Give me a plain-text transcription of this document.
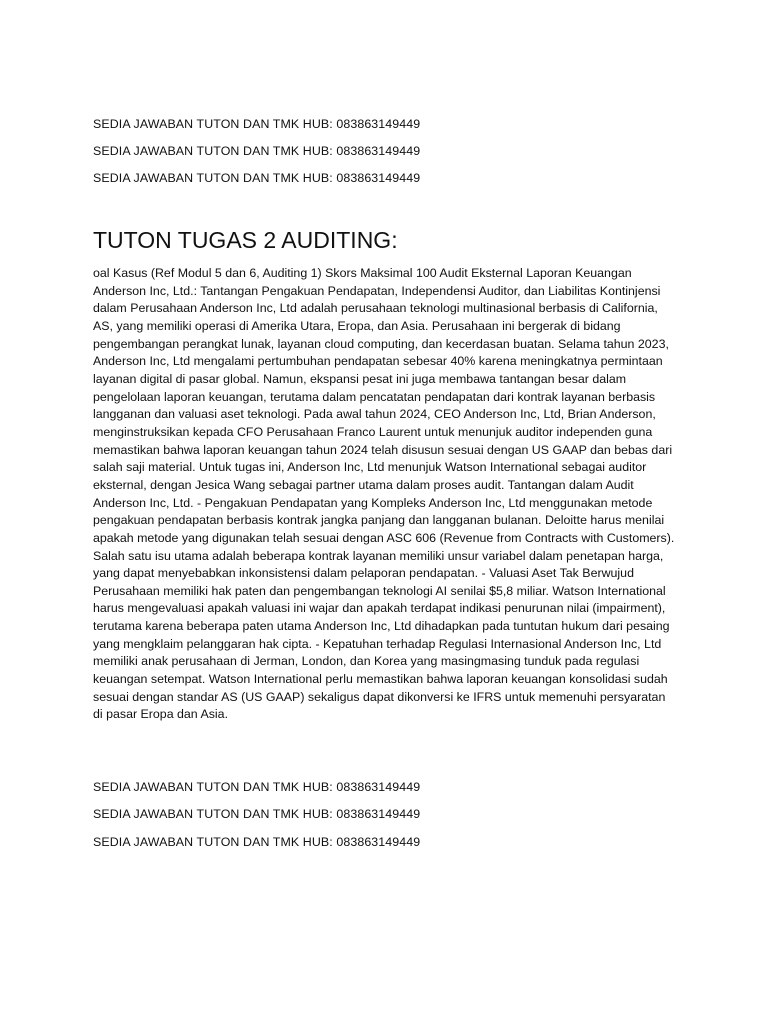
SEDIA JAWABAN TUTON DAN TMK HUB: 083863149449
SEDIA JAWABAN TUTON DAN TMK HUB: 083863149449
SEDIA JAWABAN TUTON DAN TMK HUB: 083863149449
TUTON TUGAS 2 AUDITING:

oal Kasus (Ref Modul 5 dan 6, Auditing 1) Skors Maksimal 100 Audit Eksternal Laporan Keuangan Anderson Inc, Ltd.: Tantangan Pengakuan Pendapatan, Independensi Auditor, dan Liabilitas Kontinjensi dalam Perusahaan Anderson Inc, Ltd adalah perusahaan teknologi multinasional berbasis di California, AS, yang memiliki operasi di Amerika Utara, Eropa, dan Asia. Perusahaan ini bergerak di bidang pengembangan perangkat lunak, layanan cloud computing, dan kecerdasan buatan. Selama tahun 2023, Anderson Inc, Ltd mengalami pertumbuhan pendapatan sebesar 40% karena meningkatnya permintaan layanan digital di pasar global. Namun, ekspansi pesat ini juga membawa tantangan besar dalam pengelolaan laporan keuangan, terutama dalam pencatatan pendapatan dari kontrak layanan berbasis langganan dan valuasi aset teknologi. Pada awal tahun 2024, CEO Anderson Inc, Ltd, Brian Anderson, menginstruksikan kepada CFO Perusahaan Franco Laurent untuk menunjuk auditor independen guna memastikan bahwa laporan keuangan tahun 2024 telah disusun sesuai dengan US GAAP dan bebas dari salah saji material. Untuk tugas ini, Anderson Inc, Ltd menunjuk Watson International sebagai auditor eksternal, dengan Jesica Wang sebagai partner utama dalam proses audit. Tantangan dalam Audit Anderson Inc, Ltd. - Pengakuan Pendapatan yang Kompleks Anderson Inc, Ltd menggunakan metode pengakuan pendapatan berbasis kontrak jangka panjang dan langganan bulanan. Deloitte harus menilai apakah metode yang digunakan telah sesuai dengan ASC 606 (Revenue from Contracts with Customers). Salah satu isu utama adalah beberapa kontrak layanan memiliki unsur variabel dalam penetapan harga, yang dapat menyebabkan inkonsistensi dalam pelaporan pendapatan. - Valuasi Aset Tak Berwujud Perusahaan memiliki hak paten dan pengembangan teknologi AI senilai $5,8 miliar. Watson International harus mengevaluasi apakah valuasi ini wajar dan apakah terdapat indikasi penurunan nilai (impairment), terutama karena beberapa paten utama Anderson Inc, Ltd dihadapkan pada tuntutan hukum dari pesaing yang mengklaim pelanggaran hak cipta. - Kepatuhan terhadap Regulasi Internasional Anderson Inc, Ltd memiliki anak perusahaan di Jerman, London, dan Korea yang masingmasing tunduk pada regulasi keuangan setempat. Watson International perlu memastikan bahwa laporan keuangan konsolidasi sudah sesuai dengan standar AS (US GAAP) sekaligus dapat dikonversi ke IFRS untuk memenuhi persyaratan di pasar Eropa dan Asia.

SEDIA JAWABAN TUTON DAN TMK HUB: 083863149449
SEDIA JAWABAN TUTON DAN TMK HUB: 083863149449
SEDIA JAWABAN TUTON DAN TMK HUB: 083863149449
